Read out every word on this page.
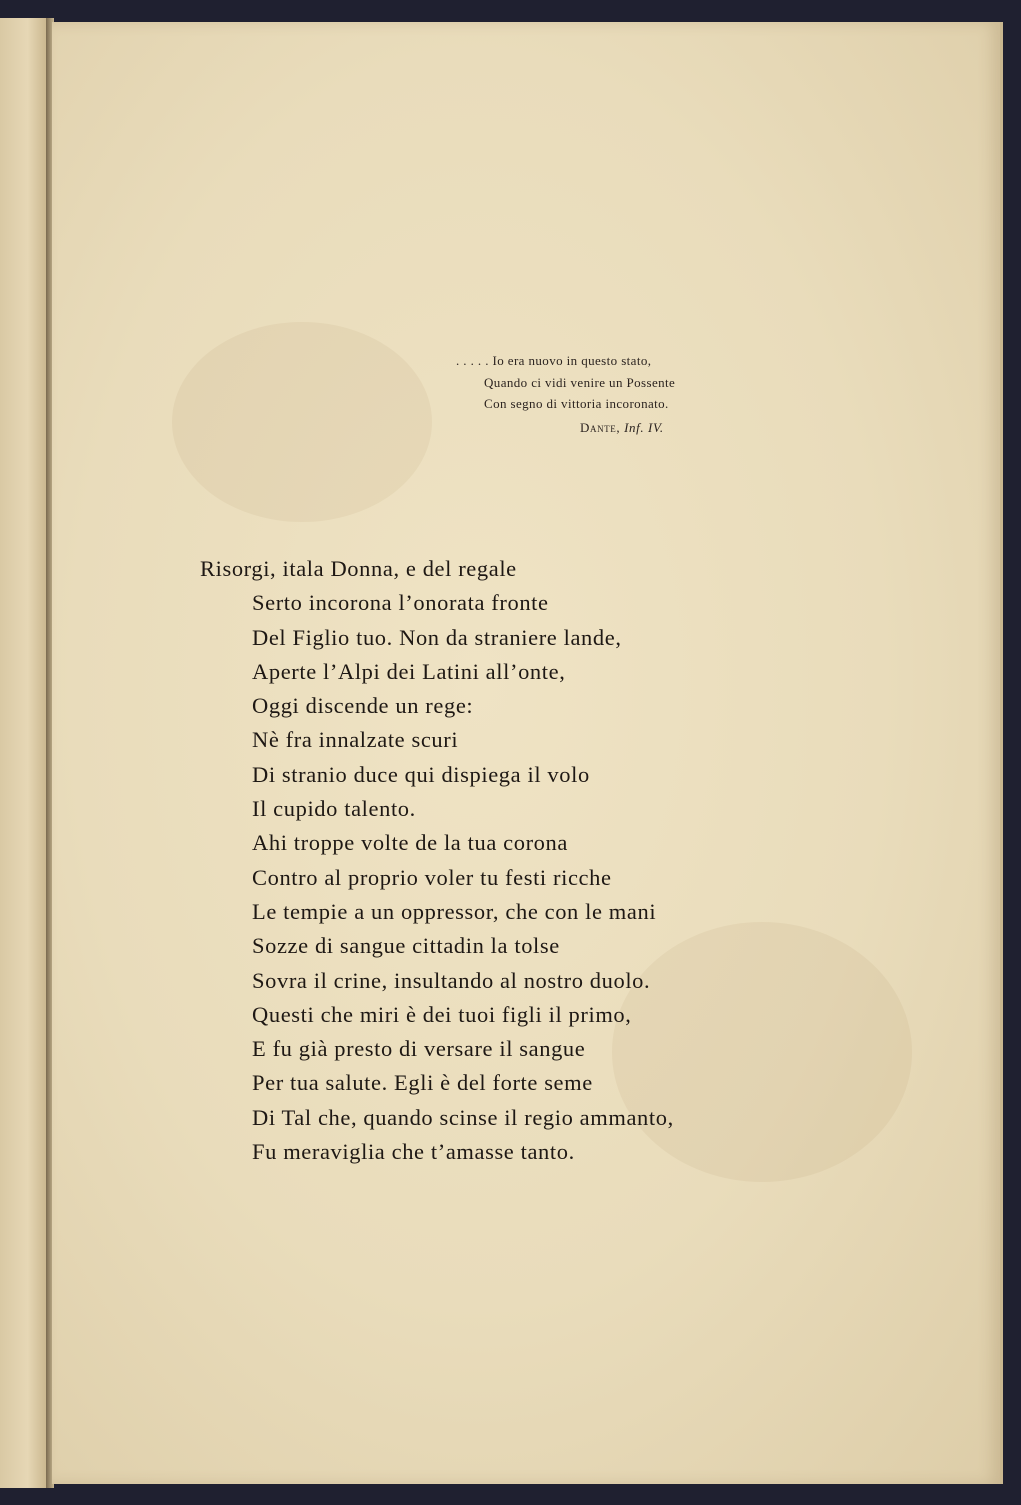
. . . . . Io era nuovo in questo stato,
Quando ci vidi venire un Possente
Con segno di vittoria incoronato.
Dante, Inf. IV.
Risorgi, itala Donna, e del regale
Serto incorona l’onorata fronte
Del Figlio tuo. Non da straniere lande,
Aperte l’Alpi dei Latini all’onte,
Oggi discende un rege:
Nè fra innalzate scuri
Di stranio duce qui dispiega il volo
Il cupido talento.
Ahi troppe volte de la tua corona
Contro al proprio voler tu festi ricche
Le tempie a un oppressor, che con le mani
Sozze di sangue cittadin la tolse
Sovra il crine, insultando al nostro duolo.
Questi che miri è dei tuoi figli il primo,
E fu già presto di versare il sangue
Per tua salute. Egli è del forte seme
Di Tal che, quando scinse il regio ammanto,
Fu meraviglia che t’amasse tanto.
